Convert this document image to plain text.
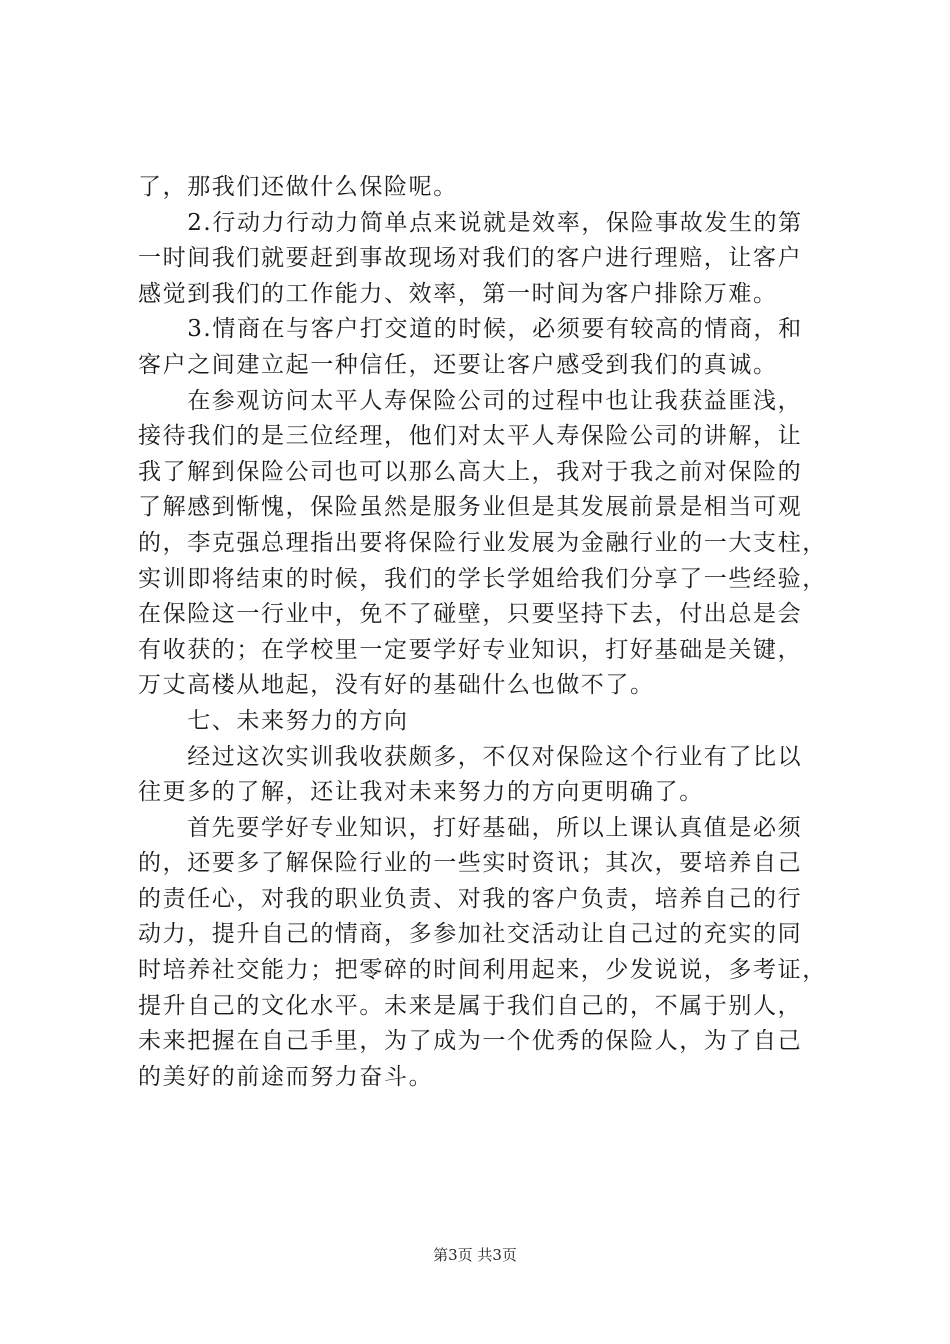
了，那我们还做什么保险呢。
　　2.行动力行动力简单点来说就是效率，保险事故发生的第
一时间我们就要赶到事故现场对我们的客户进行理赔，让客户
感觉到我们的工作能力、效率，第一时间为客户排除万难。
　　3.情商在与客户打交道的时候，必须要有较高的情商，和
客户之间建立起一种信任，还要让客户感受到我们的真诚。
　　在参观访问太平人寿保险公司的过程中也让我获益匪浅，
接待我们的是三位经理，他们对太平人寿保险公司的讲解，让
我了解到保险公司也可以那么高大上，我对于我之前对保险的
了解感到惭愧，保险虽然是服务业但是其发展前景是相当可观
的，李克强总理指出要将保险行业发展为金融行业的一大支柱，
实训即将结束的时候，我们的学长学姐给我们分享了一些经验，
在保险这一行业中，免不了碰壁，只要坚持下去，付出总是会
有收获的；在学校里一定要学好专业知识，打好基础是关键，
万丈高楼从地起，没有好的基础什么也做不了。
　　七、未来努力的方向
　　经过这次实训我收获颇多，不仅对保险这个行业有了比以
往更多的了解，还让我对未来努力的方向更明确了。
　　首先要学好专业知识，打好基础，所以上课认真值是必须
的，还要多了解保险行业的一些实时资讯；其次，要培养自己
的责任心，对我的职业负责、对我的客户负责，培养自己的行
动力，提升自己的情商，多参加社交活动让自己过的充实的同
时培养社交能力；把零碎的时间利用起来，少发说说，多考证，
提升自己的文化水平。未来是属于我们自己的，不属于别人，
未来把握在自己手里，为了成为一个优秀的保险人，为了自己
的美好的前途而努力奋斗。
第3页 共3页
